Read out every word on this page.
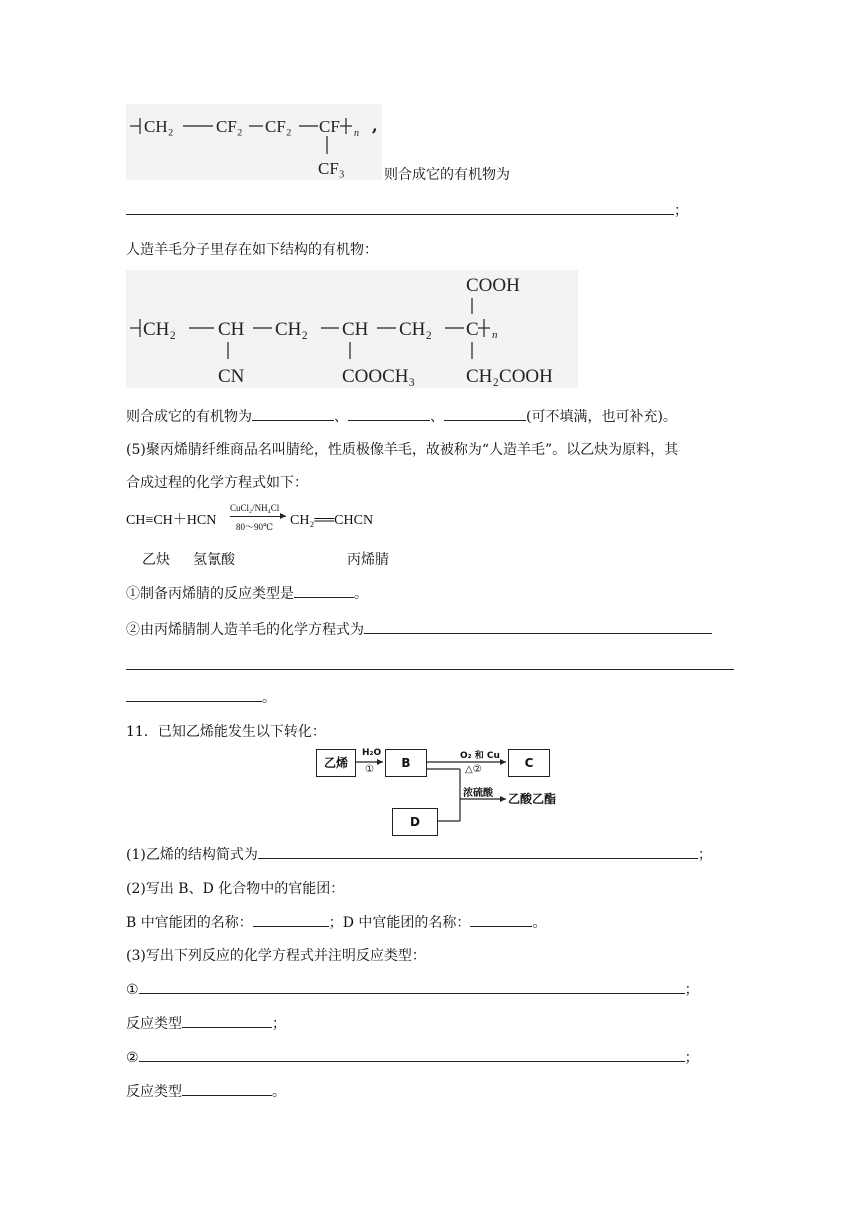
CH₂ CF₂ CF₂ CF n
CF₃
,
则合成它的有机物为
；
人造羊毛分子里存在如下结构的有机物：
CH₂ CH CH₂ CH CH₂ C n
COOH
CN	COOCH₃	CH₂COOH
则合成它的有机物为	、	、	(可不填满，也可补充)。
(5)聚丙烯腈纤维商品名叫腈纶，性质极像羊毛，故被称为“人造羊毛”。以乙炔为原料，其
合成过程的化学方程式如下：
CH≡CH＋HCN
CuCl₂/NH₄Cl
80～90℃ CH₂══CHCN
乙炔 氢氰酸	丙烯腈
①制备丙烯腈的反应类型是	。
②由丙烯腈制人造羊毛的化学方程式为
。
11．已知乙烯能发生以下转化：
乙烯	B	C
D
H₂O
①
O₂ 和 Cu
△②
浓硫酸 乙酸乙酯
(1)乙烯的结构简式为	；
(2)写出 B、D 化合物中的官能团：
B 中官能团的名称：	；D 中官能团的名称：	。
(3)写出下列反应的化学方程式并注明反应类型：
①	；
反应类型	；
②	；
反应类型	。
